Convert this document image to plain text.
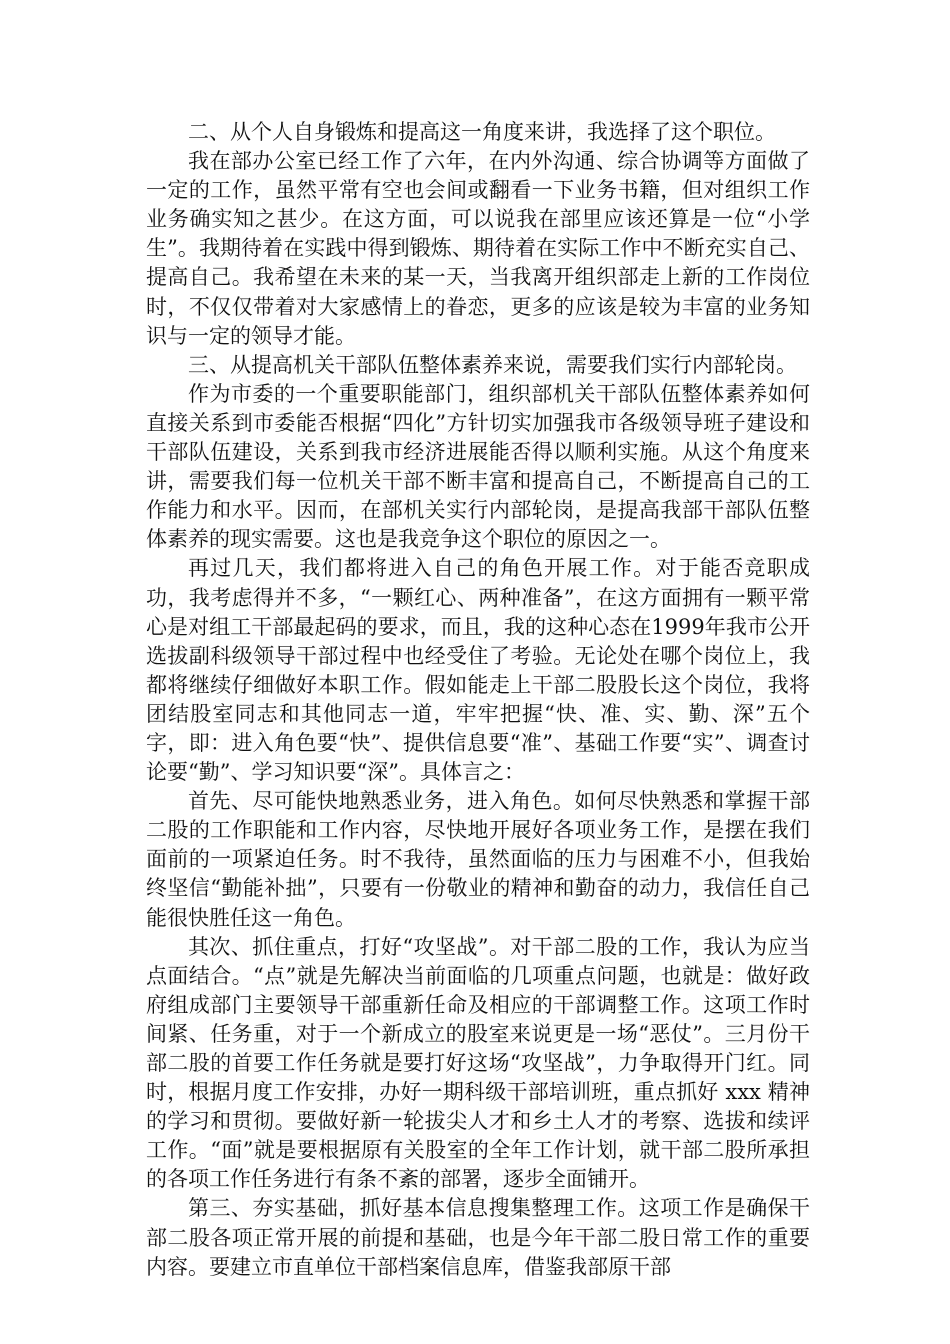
二、从个人自身锻炼和提高这一角度来讲，我选择了这个职位。

我在部办公室已经工作了六年，在内外沟通、综合协调等方面做了一定的工作，虽然平常有空也会间或翻看一下业务书籍，但对组织工作业务确实知之甚少。在这方面，可以说我在部里应该还算是一位“小学生”。我期待着在实践中得到锻炼、期待着在实际工作中不断充实自己、提高自己。我希望在未来的某一天，当我离开组织部走上新的工作岗位时，不仅仅带着对大家感情上的眷恋，更多的应该是较为丰富的业务知识与一定的领导才能。

三、从提高机关干部队伍整体素养来说，需要我们实行内部轮岗。

作为市委的一个重要职能部门，组织部机关干部队伍整体素养如何直接关系到市委能否根据“四化”方针切实加强我市各级领导班子建设和干部队伍建设，关系到我市经济进展能否得以顺利实施。从这个角度来讲，需要我们每一位机关干部不断丰富和提高自己，不断提高自己的工作能力和水平。因而，在部机关实行内部轮岗，是提高我部干部队伍整体素养的现实需要。这也是我竞争这个职位的原因之一。

再过几天，我们都将进入自己的角色开展工作。对于能否竞职成功，我考虑得并不多，“一颗红心、两种准备”，在这方面拥有一颗平常心是对组工干部最起码的要求，而且，我的这种心态在1999年我市公开选拔副科级领导干部过程中也经受住了考验。无论处在哪个岗位上，我都将继续仔细做好本职工作。假如能走上干部二股股长这个岗位，我将团结股室同志和其他同志一道，牢牢把握“快、准、实、勤、深”五个字，即：进入角色要“快”、提供信息要“准”、基础工作要“实”、调查讨论要“勤”、学习知识要“深”。具体言之：

首先、尽可能快地熟悉业务，进入角色。如何尽快熟悉和掌握干部二股的工作职能和工作内容，尽快地开展好各项业务工作，是摆在我们面前的一项紧迫任务。时不我待，虽然面临的压力与困难不小，但我始终坚信“勤能补拙”，只要有一份敬业的精神和勤奋的动力，我信任自己能很快胜任这一角色。

其次、抓住重点，打好“攻坚战”。对干部二股的工作，我认为应当点面结合。“点”就是先解决当前面临的几项重点问题，也就是：做好政府组成部门主要领导干部重新任命及相应的干部调整工作。这项工作时间紧、任务重，对于一个新成立的股室来说更是一场“恶仗”。三月份干部二股的首要工作任务就是要打好这场“攻坚战”，力争取得开门红。同时，根据月度工作安排，办好一期科级干部培训班，重点抓好 xxx 精神的学习和贯彻。要做好新一轮拔尖人才和乡土人才的考察、选拔和续评工作。“面”就是要根据原有关股室的全年工作计划，就干部二股所承担的各项工作任务进行有条不紊的部署，逐步全面铺开。

第三、夯实基础，抓好基本信息搜集整理工作。这项工作是确保干部二股各项正常开展的前提和基础，也是今年干部二股日常工作的重要内容。要建立市直单位干部档案信息库，借鉴我部原干部
